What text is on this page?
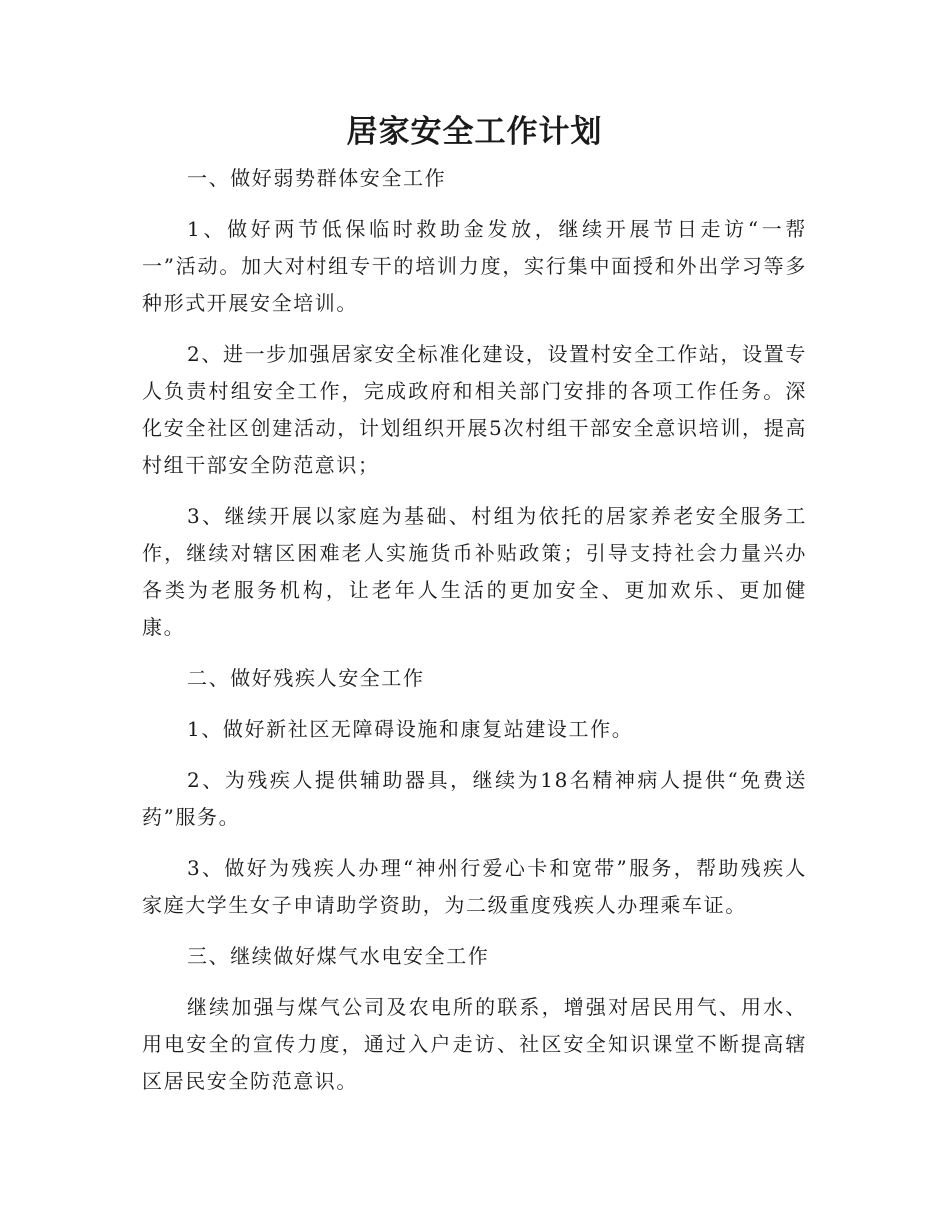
居家安全工作计划

一、做好弱势群体安全工作

1、做好两节低保临时救助金发放，继续开展节日走访“一帮一”活动。加大对村组专干的培训力度，实行集中面授和外出学习等多种形式开展安全培训。

2、进一步加强居家安全标准化建设，设置村安全工作站，设置专人负责村组安全工作，完成政府和相关部门安排的各项工作任务。深化安全社区创建活动，计划组织开展5次村组干部安全意识培训，提高村组干部安全防范意识；

3、继续开展以家庭为基础、村组为依托的居家养老安全服务工作，继续对辖区困难老人实施货币补贴政策；引导支持社会力量兴办各类为老服务机构，让老年人生活的更加安全、更加欢乐、更加健康。

二、做好残疾人安全工作

1、做好新社区无障碍设施和康复站建设工作。

2、为残疾人提供辅助器具，继续为18名精神病人提供“免费送药”服务。

3、做好为残疾人办理“神州行爱心卡和宽带”服务，帮助残疾人家庭大学生女子申请助学资助，为二级重度残疾人办理乘车证。

三、继续做好煤气水电安全工作

继续加强与煤气公司及农电所的联系，增强对居民用气、用水、用电安全的宣传力度，通过入户走访、社区安全知识课堂不断提高辖区居民安全防范意识。
